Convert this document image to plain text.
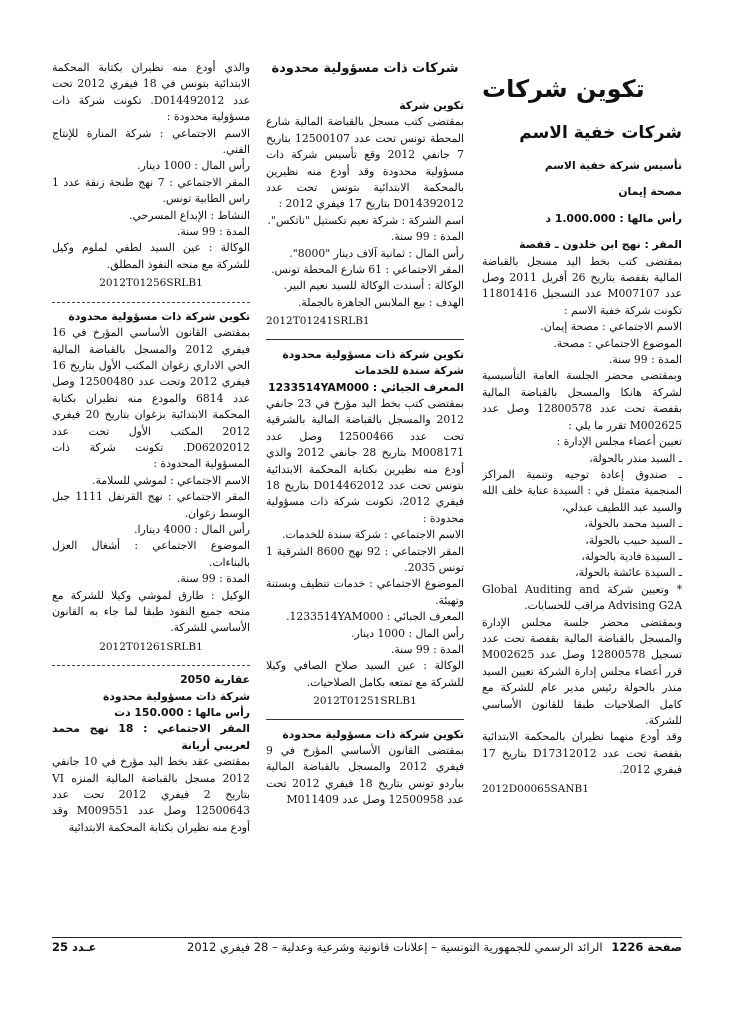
تكوين شركات
شركات خفية الاسم

تأسيس شركة خفية الاسم

مصحة إيمان

رأس مالها : 1.000.000 د

المقر : نهج ابن خلدون ـ قفصة

بمقتضى كتب بخط اليد مسجل بالقباضة المالية بقفصة بتاريخ 26 أفريل 2011 وصل عدد M007107 عدد التسجيل 11801416 تكونت شركة خفية الاسم :

الاسم الاجتماعي : مصحة إيمان.

الموضوع الاجتماعي : مصحة.

المدة : 99 سنة.

وبمقتضى محضر الجلسة العامة التأسيسية لشركة هانكا والمسجل بالقباضة المالية بقفصة تحت عدد 12800578 وصل عدد M002625 تقرر ما يلي :

تعيين أعضاء مجلس الإدارة :

ـ السيد منذر بالحولة،

ـ صندوق إعادة توجيه وتنمية المراكز المنجمية متمثل في : السيدة عناية خلف الله والسيد عبد اللطيف عبدلي،

ـ السيد محمد بالحولة،

ـ السيد حبيب بالحولة،

ـ السيدة فادية بالحولة،

ـ السيدة عائشة بالحولة،

* وتعيين شركة Global Auditing and Advising G2A مراقب للحسابات.

وبمقتضى محضر جلسة مجلس الإدارة والمسجل بالقباضة المالية بقفصة تحت عدد تسجيل 12800578 وصل عدد M002625 قرر أعضاء مجلس إدارة الشركة تعيين السيد منذر بالحولة رئيس مدير عام للشركة مع كامل الصلاحيات طبقا للقانون الأساسي للشركة.

وقد أودع منهما نظيران بالمحكمة الابتدائية بقفصة تحت عدد D17312012 بتاريخ 17 فيفري 2012.

2012D00065SANB1

شركات ذات مسؤولية محدودة

تكوين شركة

بمقتضى كتب مسجل بالقباضة المالية شارع المحطة تونس تحت عدد 12500107 بتاريخ 7 جانفي 2012 وقع تأسيس شركة ذات مسؤولية محدودة وقد أودع منه نظيرين بالمحكمة الابتدائية بتونس تحت عدد D014392012 بتاريخ 17 فيفري 2012 :

اسم الشركة : شركة نعيم تكستيل "ناتكس".

المدة : 99 سنة.

رأس المال : ثمانية آلاف دينار "8000".

المقر الاجتماعي : 61 شارع المحطة تونس.

الوكالة : أسندت الوكالة للسيد نعيم البير.

الهدف : بيع الملابس الجاهزة بالجملة.

2012T01241SRLB1

تكوين شركة ذات مسؤولية محدودة

شركة سندة للخدمات

المعرف الجبائي : 1233514YAM000

بمقتضى كتب بخط اليد مؤرخ في 23 جانفي 2012 والمسجل بالقباضة المالية بالشرقية تحت عدد 12500466 وصل عدد M008171 بتاريخ 28 جانفي 2012 والذي أودع منه نظيرين بكتابة المحكمة الابتدائية بتونس تحت عدد D014462012 بتاريخ 18 فيفري 2012، تكونت شركة ذات مسؤولية محدودة :

الاسم الاجتماعي : شركة سندة للخدمات.

المقر الاجتماعي : 92 نهج 8600 الشرقية 1 تونس 2035.

الموضوع الاجتماعي : خدمات تنظيف وبستنة وتهيئة.

المعرف الجبائي : 1233514YAM000.

رأس المال : 1000 دينار.

المدة : 99 سنة.

الوكالة : عين السيد صلاح الصافي وكيلا للشركة مع تمتعه بكامل الصلاحيات.

2012T01251SRLB1

تكوين شركة ذات مسؤولية محدودة

بمقتضى القانون الأساسي المؤرخ في 9 فيفري 2012 والمسجل بالقباضة المالية بباردو تونس بتاريخ 18 فيفري 2012 تحت عدد 12500958 وصل عدد M011409

والذي أودع منه نظيران بكتابة المحكمة الابتدائية بتونس في 18 فيفري 2012 تحت عدد D014492012. تكونت شركة ذات مسؤولية محدودة :

الاسم الاجتماعي : شركة المنارة للإنتاج الفني.

رأس المال : 1000 دينار.

المقر الاجتماعي : 7 نهج طنجة زنقة عدد 1 راس الطابية تونس.

النشاط : الإبداع المسرحي.

المدة : 99 سنة.

الوكالة : عين السيد لطفي لملوم وكيل للشركة مع منحه النفوذ المطلق.

2012T01256SRLB1

تكوين شركة ذات مسؤولية محدودة

بمقتضى القانون الأساسي المؤرخ في 16 فيفري 2012 والمسجل بالقباضة المالية الحي الاداري زغوان المكتب الأول بتاريخ 16 فيفري 2012 وتحت عدد 12500480 وصل عدد 6814 والمودع منه نظيران بكتابة المحكمة الابتدائية بزغوان بتاريخ 20 فيفري 2012 المكتب الأول تحت عدد D06202012. تكونت شركة ذات المسؤولية المحدودة :

الاسم الاجتماعي : لموشي للسلامة.

المقر الاجتماعي : نهج القرنفل 1111 جبل الوسط زغوان.

رأس المال : 4000 دينارا.

الموضوع الاجتماعي : أشغال العزل بالبناءات.

المدة : 99 سنة.

الوكيل : طارق لموشي وكيلا للشركة مع منحه جميع النفوذ طبقا لما جاء به القانون الأساسي للشركة.

2012T01261SRLB1

عقارية 2050

شركة ذات مسؤولية محدودة

رأس مالها : 150.000 دت

المقر الاجتماعي : 18 نهج محمد لعريبي أريانة

بمقتضى عقد بخط اليد مؤرخ في 10 جانفي 2012 مسجل بالقباضة المالية المنزه VI بتاريخ 2 فيفري 2012 تحت عدد 12500643 وصل عدد M009551 وقد أودع منه نظيران بكتابة المحكمة الابتدائية

صفحة 1226
الرائد الرسمي للجمهورية التونسية – إعلانات قانونية وشرعية وعدلية – 28 فيفري 2012
عـدد 25
